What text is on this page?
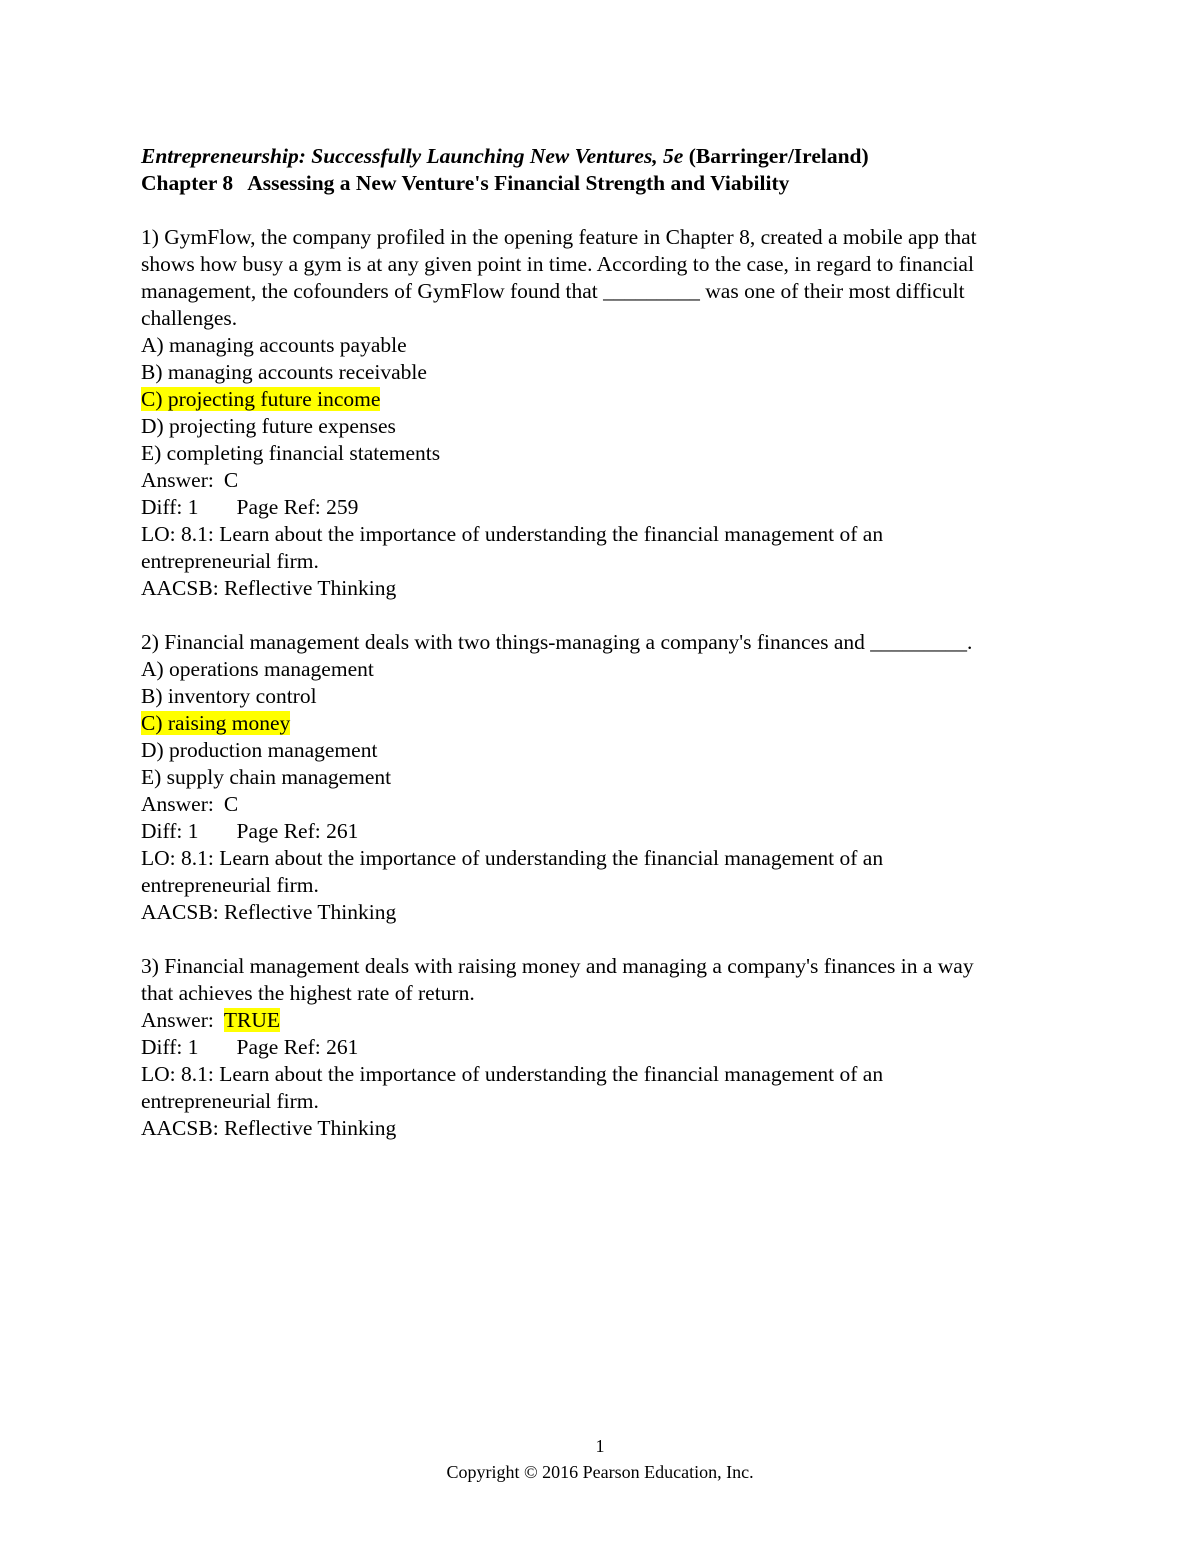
Entrepreneurship: Successfully Launching New Ventures, 5e (Barringer/Ireland)
Chapter 8 Assessing a New Venture's Financial Strength and Viability
1) GymFlow, the company profiled in the opening feature in Chapter 8, created a mobile app that
shows how busy a gym is at any given point in time. According to the case, in regard to financial
management, the cofounders of GymFlow found that _________ was one of their most difficult
challenges.
A) managing accounts payable
B) managing accounts receivable
C) projecting future income
D) projecting future expenses
E) completing financial statements
Answer: C
Diff: 1 Page Ref: 259
LO: 8.1: Learn about the importance of understanding the financial management of an
entrepreneurial firm.
AACSB: Reflective Thinking
2) Financial management deals with two things-managing a company's finances and _________.
A) operations management
B) inventory control
C) raising money
D) production management
E) supply chain management
Answer: C
Diff: 1 Page Ref: 261
LO: 8.1: Learn about the importance of understanding the financial management of an
entrepreneurial firm.
AACSB: Reflective Thinking
3) Financial management deals with raising money and managing a company's finances in a way
that achieves the highest rate of return.
Answer: TRUE
Diff: 1 Page Ref: 261
LO: 8.1: Learn about the importance of understanding the financial management of an
entrepreneurial firm.
AACSB: Reflective Thinking
1
Copyright © 2016 Pearson Education, Inc.
